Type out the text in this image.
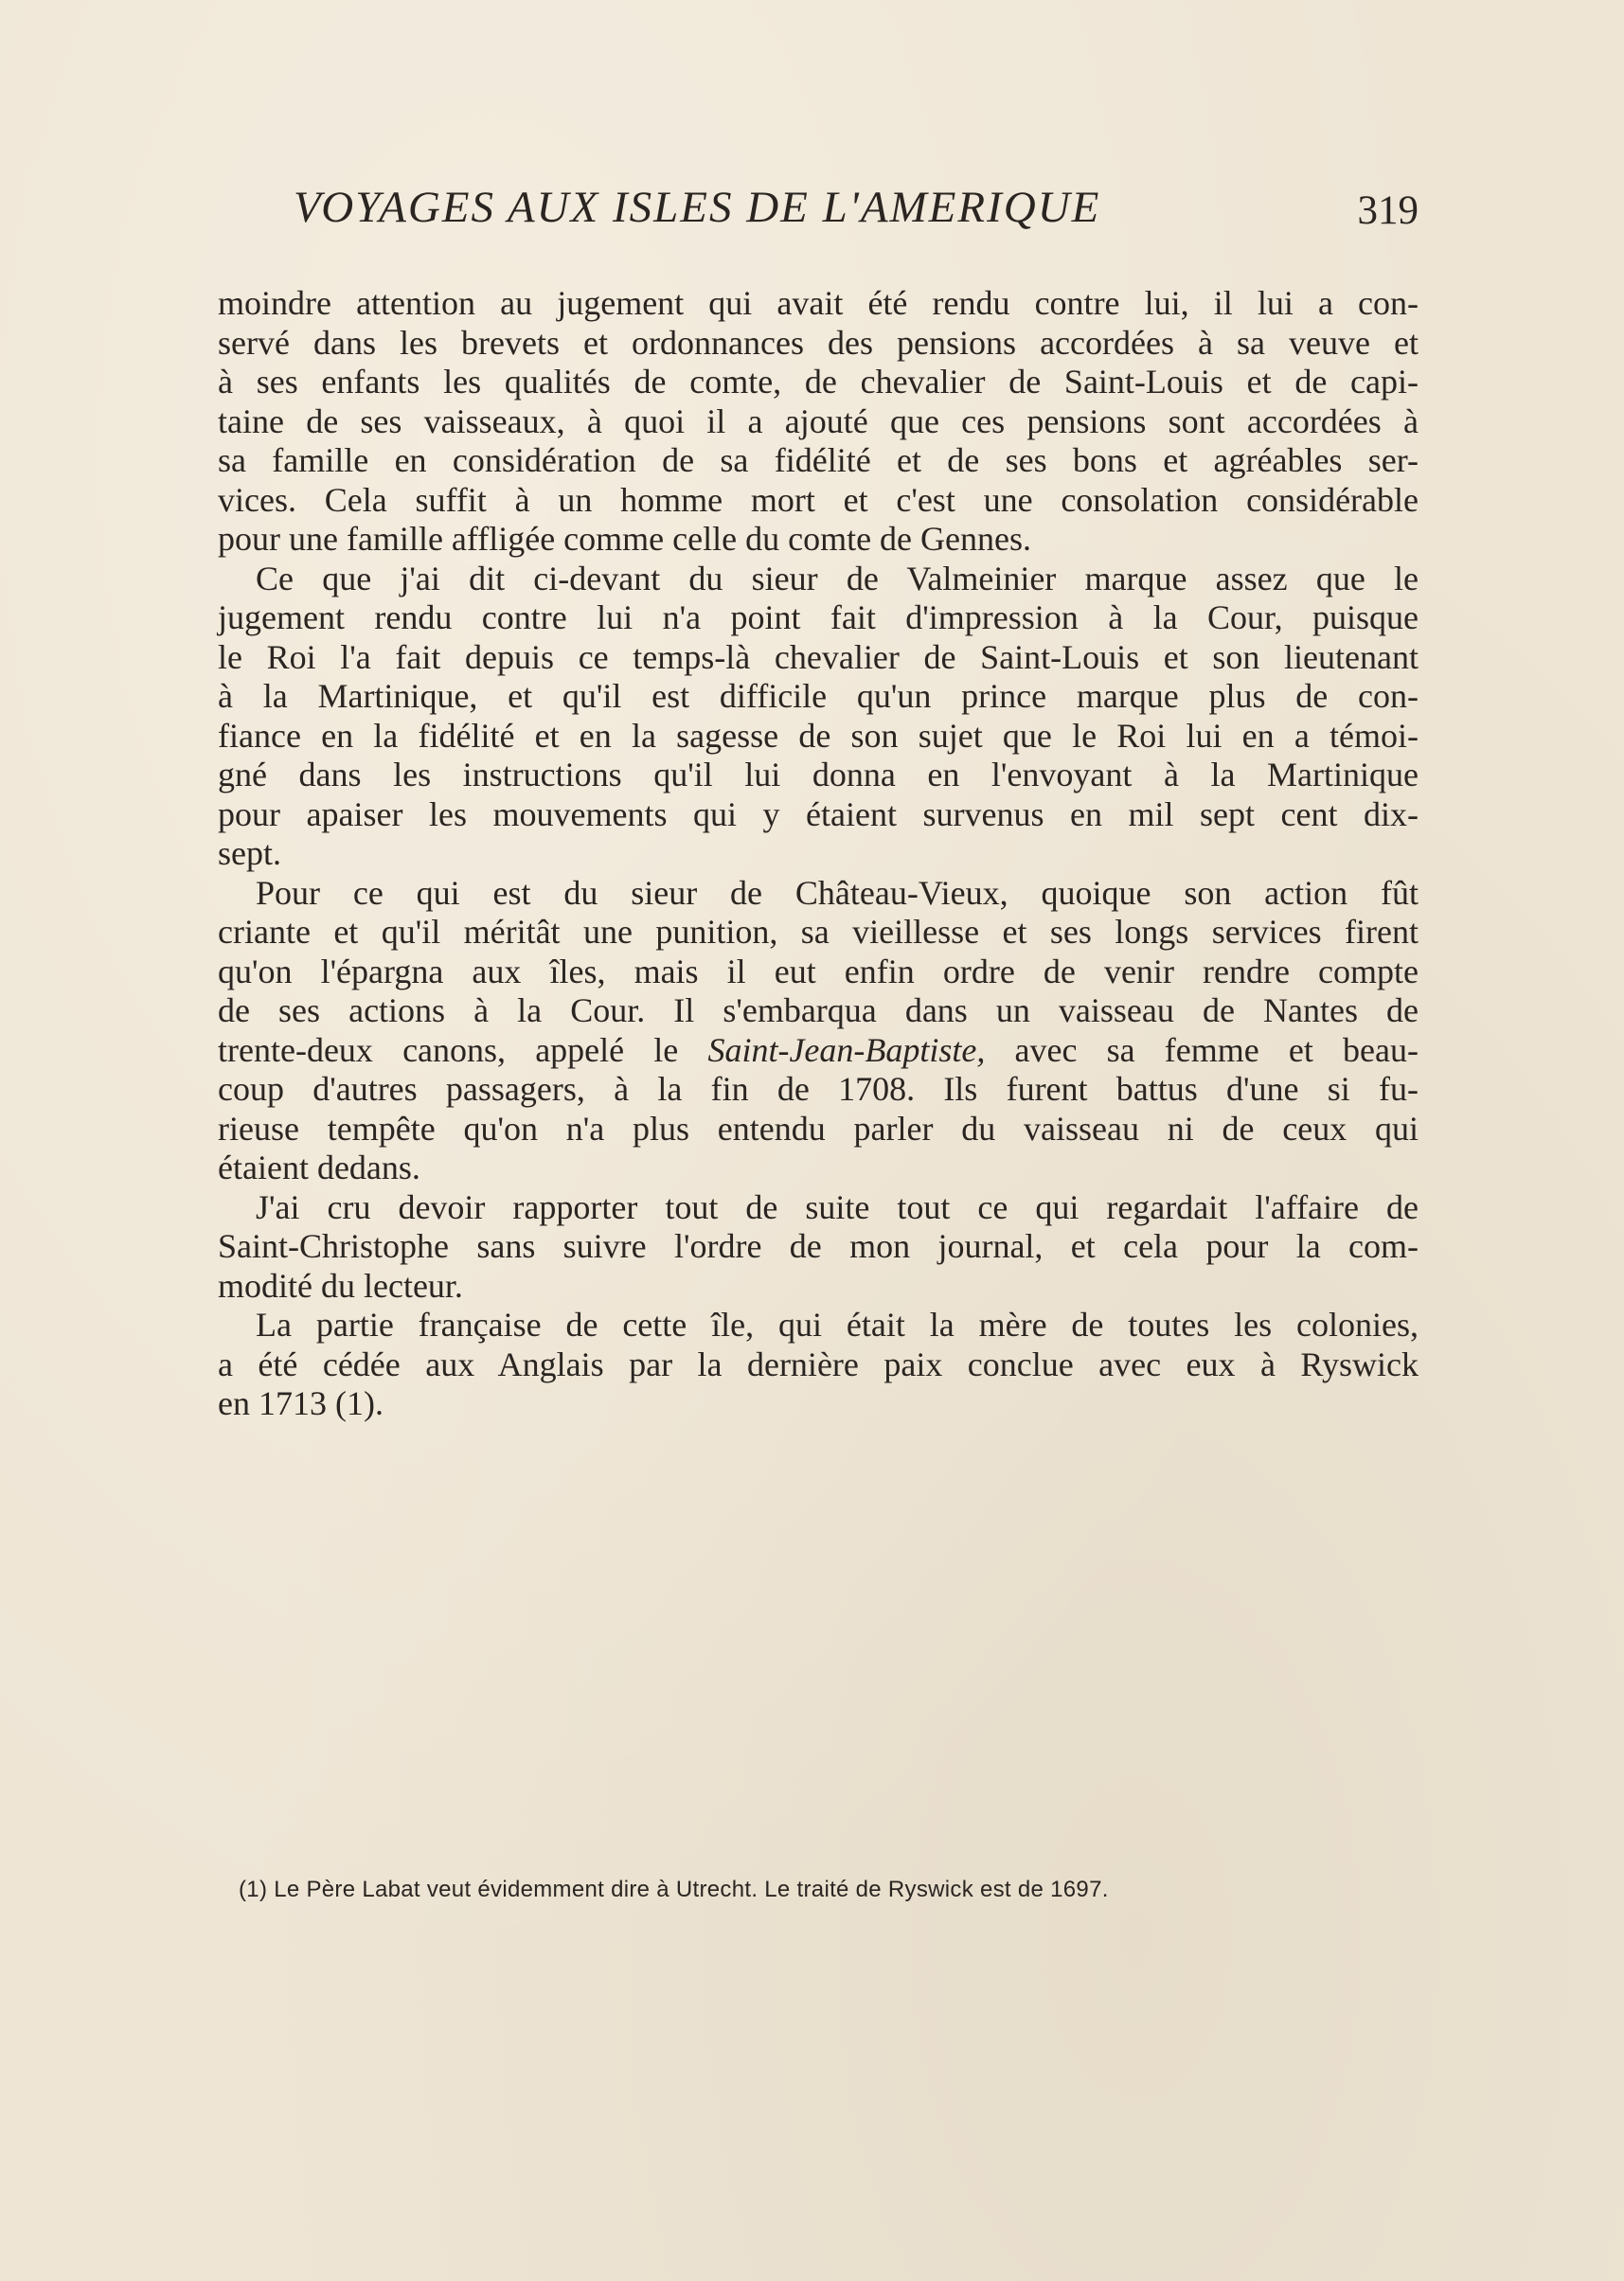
VOYAGES AUX ISLES DE L'AMERIQUE	319
moindre attention au jugement qui avait été rendu contre lui, il lui a con-
servé dans les brevets et ordonnances des pensions accordées à sa veuve et
à ses enfants les qualités de comte, de chevalier de Saint-Louis et de capi-
taine de ses vaisseaux, à quoi il a ajouté que ces pensions sont accordées à
sa famille en considération de sa fidélité et de ses bons et agréables ser-
vices. Cela suffit à un homme mort et c'est une consolation considérable
pour une famille affligée comme celle du comte de Gennes.
Ce que j'ai dit ci-devant du sieur de Valmeinier marque assez que le
jugement rendu contre lui n'a point fait d'impression à la Cour, puisque
le Roi l'a fait depuis ce temps-là chevalier de Saint-Louis et son lieutenant
à la Martinique, et qu'il est difficile qu'un prince marque plus de con-
fiance en la fidélité et en la sagesse de son sujet que le Roi lui en a témoi-
gné dans les instructions qu'il lui donna en l'envoyant à la Martinique
pour apaiser les mouvements qui y étaient survenus en mil sept cent dix-
sept.
Pour ce qui est du sieur de Château-Vieux, quoique son action fût
criante et qu'il méritât une punition, sa vieillesse et ses longs services firent
qu'on l'épargna aux îles, mais il eut enfin ordre de venir rendre compte
de ses actions à la Cour. Il s'embarqua dans un vaisseau de Nantes de
trente-deux canons, appelé le Saint-Jean-Baptiste, avec sa femme et beau-
coup d'autres passagers, à la fin de 1708. Ils furent battus d'une si fu-
rieuse tempête qu'on n'a plus entendu parler du vaisseau ni de ceux qui
étaient dedans.
J'ai cru devoir rapporter tout de suite tout ce qui regardait l'affaire de
Saint-Christophe sans suivre l'ordre de mon journal, et cela pour la com-
modité du lecteur.
La partie française de cette île, qui était la mère de toutes les colonies,
a été cédée aux Anglais par la dernière paix conclue avec eux à Ryswick
en 1713 (1).
(1) Le Père Labat veut évidemment dire à Utrecht. Le traité de Ryswick est de 1697.
